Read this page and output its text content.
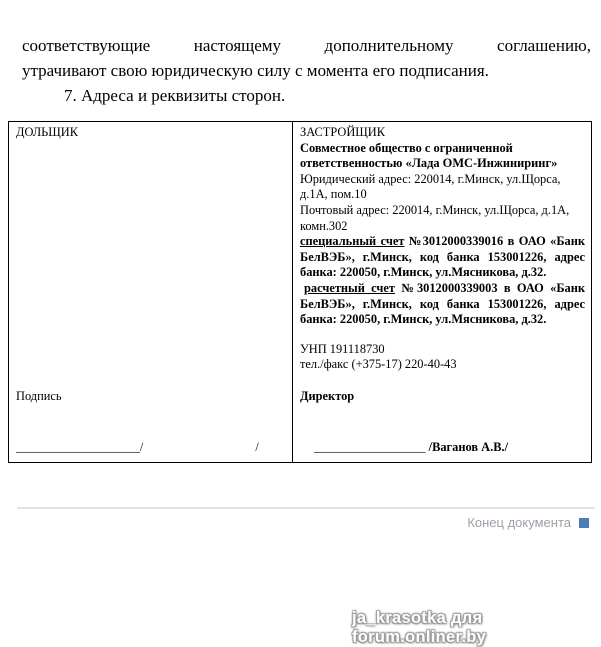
соответствующие настоящему дополнительному соглашению,
утрачивают свою юридическую силу с момента его подписания.
7. Адреса и реквизиты сторон.
ДОЛЬЩИК
Подпись
____________________/	/
ЗАСТРОЙЩИК
Совместное общество с ограниченной ответственностью «Лада ОМС-Инжиниринг»
Юридический адрес: 220014, г.Минск, ул.Щорса, д.1А, пом.10
Почтовый адрес: 220014, г.Минск, ул.Щорса, д.1А, комн.302
специальный счет №3012000339016 в ОАО «Банк БелВЭБ», г.Минск, код банка 153001226, адрес банка: 220050, г.Минск, ул.Мясникова, д.32.
расчетный счет №3012000339003 в ОАО «Банк БелВЭБ», г.Минск, код банка 153001226, адрес банка: 220050, г.Минск, ул.Мясникова, д.32.
УНП 191118730
тел./факс (+375-17) 220-40-43
Директор
__________________ /Ваганов А.В./
Конец документа
ja_krasotka для forum.onliner.by
